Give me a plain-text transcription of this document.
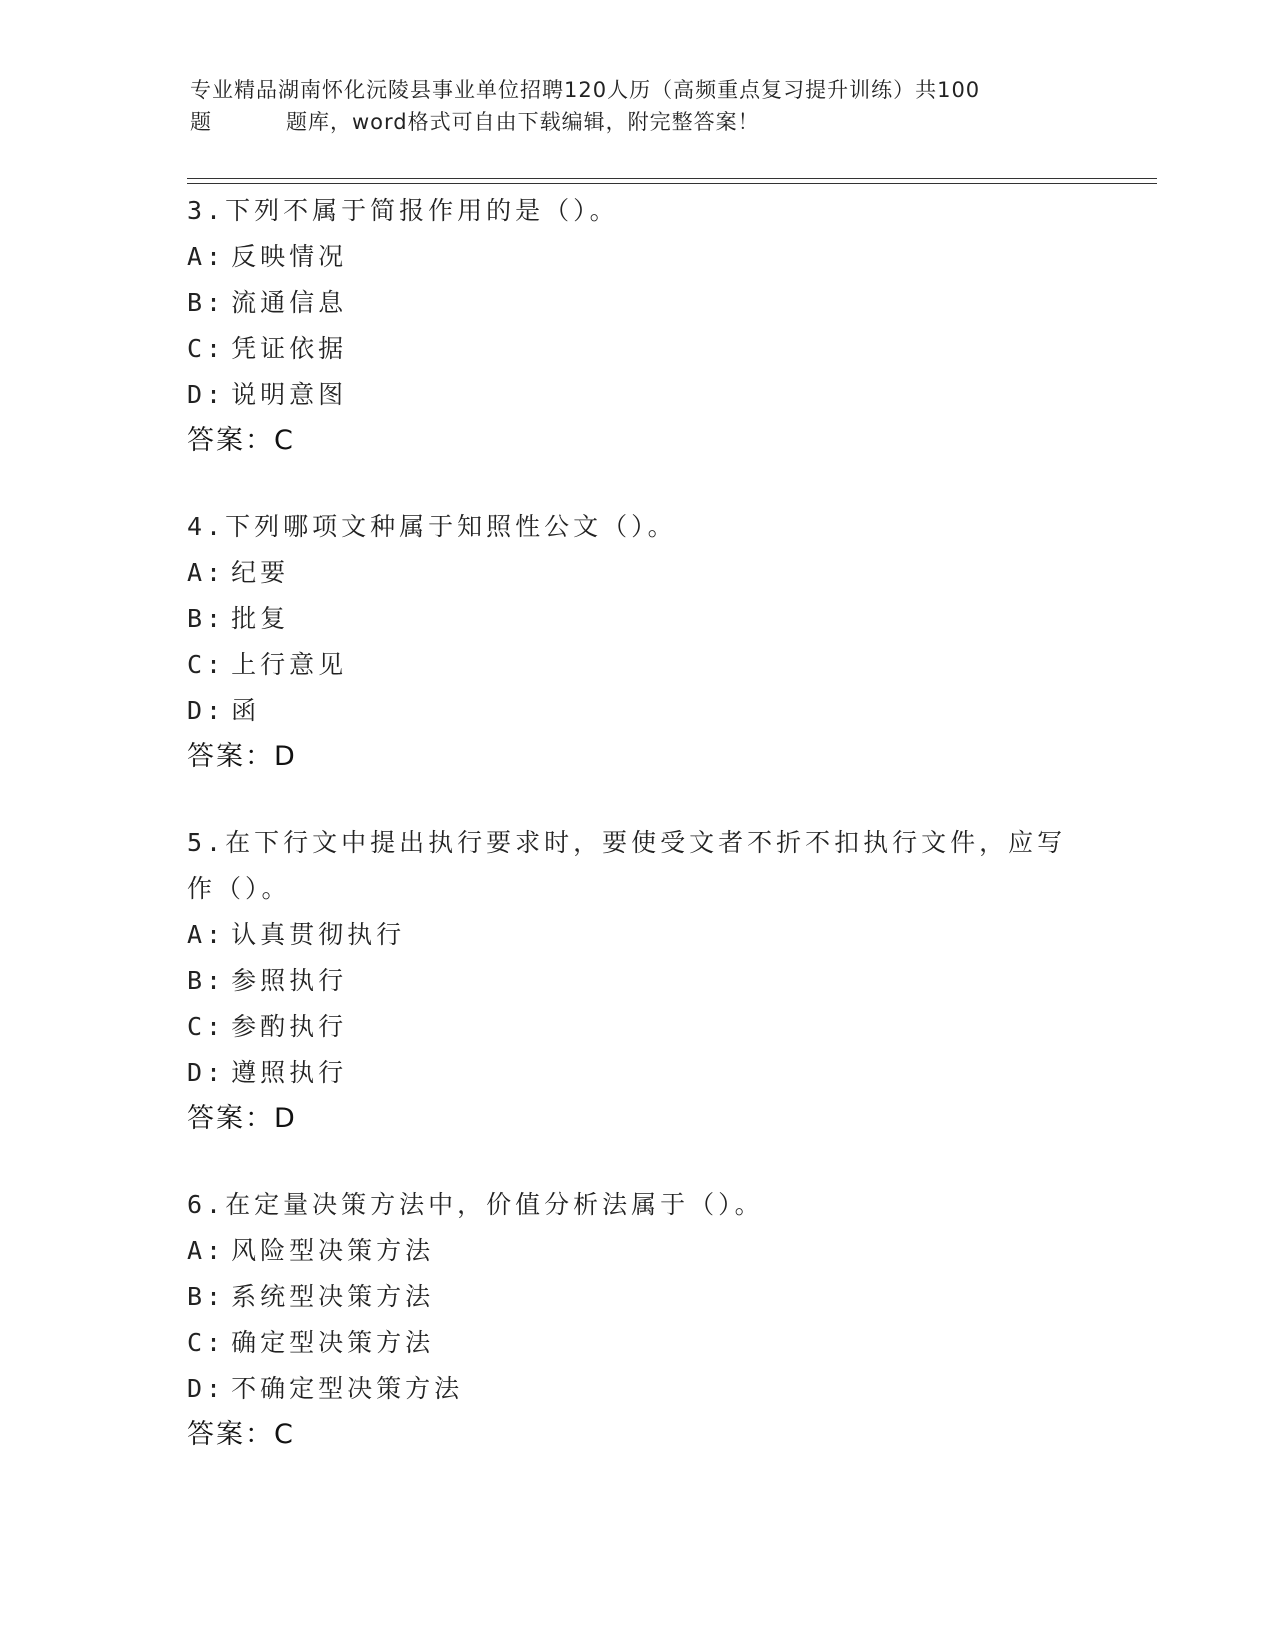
专业精品湖南怀化沅陵县事业单位招聘120人历（高频重点复习提升训练）共100

题	题库，word格式可自由下载编辑，附完整答案！
3.下列不属于简报作用的是（）。
A: 反映情况
B: 流通信息
C: 凭证依据
D: 说明意图
答案：C
4.下列哪项文种属于知照性公文（）。
A: 纪要
B: 批复
C: 上行意见
D: 函
答案：D
5.在下行文中提出执行要求时，要使受文者不折不扣执行文件，应写作（）。
A: 认真贯彻执行
B: 参照执行
C: 参酌执行
D: 遵照执行
答案：D
6.在定量决策方法中，价值分析法属于（）。
A: 风险型决策方法
B: 系统型决策方法
C: 确定型决策方法
D: 不确定型决策方法
答案：C
